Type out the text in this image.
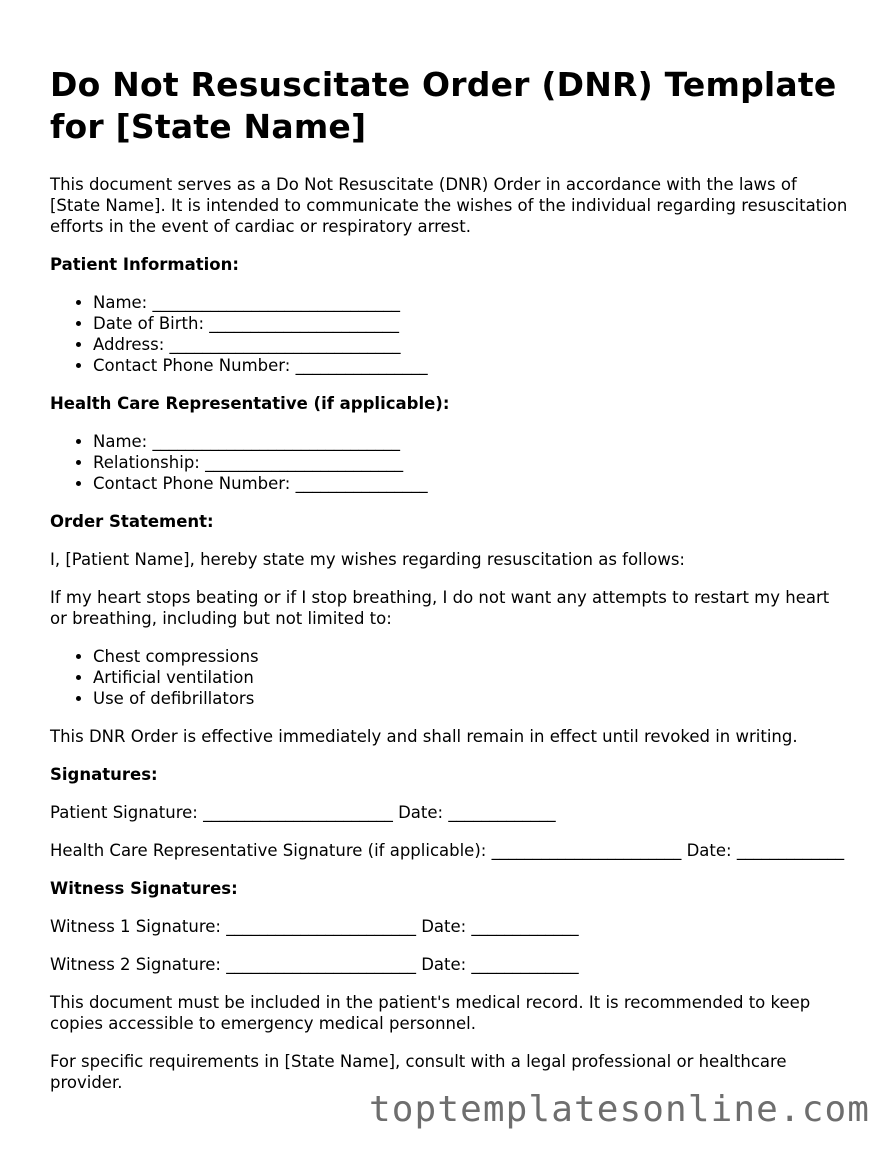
Do Not Resuscitate Order (DNR) Template for [State Name]

This document serves as a Do Not Resuscitate (DNR) Order in accordance with the laws of [State Name]. It is intended to communicate the wishes of the individual regarding resuscitation efforts in the event of cardiac or respiratory arrest.

Patient Information:
• Name: ______________________________
• Date of Birth: _______________________
• Address: ____________________________
• Contact Phone Number: ________________
Health Care Representative (if applicable):
• Name: ______________________________
• Relationship: ________________________
• Contact Phone Number: ________________
Order Statement:

I, [Patient Name], hereby state my wishes regarding resuscitation as follows:

If my heart stops beating or if I stop breathing, I do not want any attempts to restart my heart or breathing, including but not limited to:

• Chest compressions
• Artificial ventilation
• Use of defibrillators

This DNR Order is effective immediately and shall remain in effect until revoked in writing.

Signatures:

Patient Signature: _______________________ Date: _____________

Health Care Representative Signature (if applicable): _______________________ Date: _____________

Witness Signatures:

Witness 1 Signature: _______________________ Date: _____________

Witness 2 Signature: _______________________ Date: _____________

This document must be included in the patient's medical record. It is recommended to keep copies accessible to emergency medical personnel.

For specific requirements in [State Name], consult with a legal professional or healthcare provider.

toptemplatesonline.com
